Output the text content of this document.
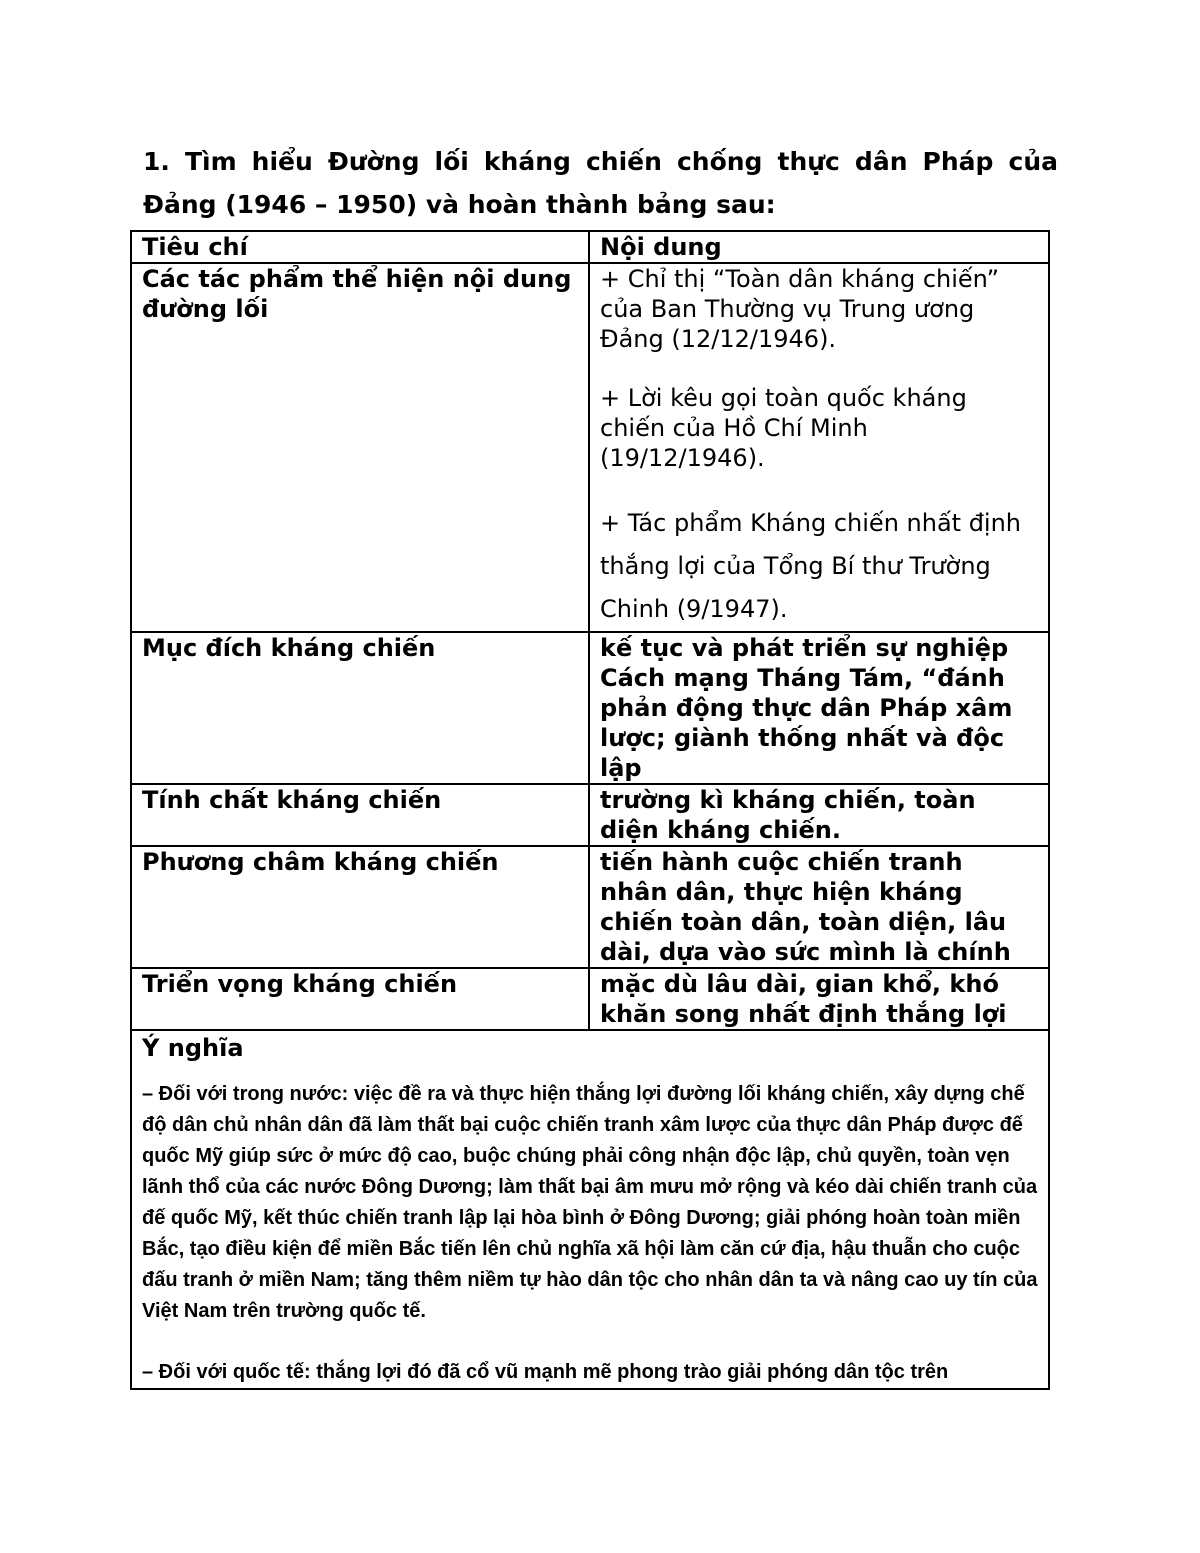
1. Tìm hiểu Đường lối kháng chiến chống thực dân Pháp của Đảng (1946 – 1950) và hoàn thành bảng sau:
Tiêu chí	Nội dung
Các tác phẩm thể hiện nội dung đường lối	+ Chỉ thị “Toàn dân kháng chiến” của Ban Thường vụ Trung ương Đảng (12/12/1946).

+ Lời kêu gọi toàn quốc kháng chiến của Hồ Chí Minh (19/12/1946).

+ Tác phẩm Kháng chiến nhất định thắng lợi của Tổng Bí thư Trường Chinh (9/1947).

Mục đích kháng chiến	kế tục và phát triển sự nghiệp Cách mạng Tháng Tám, “đánh phản động thực dân Pháp xâm lược; giành thống nhất và độc lập
Tính chất kháng chiến	trường kì kháng chiến, toàn diện kháng chiến.
Phương châm kháng chiến	tiến hành cuộc chiến tranh nhân dân, thực hiện kháng chiến toàn dân, toàn diện, lâu dài, dựa vào sức mình là chính
Triển vọng kháng chiến	mặc dù lâu dài, gian khổ, khó khăn song nhất định thắng lợi

Ý nghĩa

– Đối với trong nước: việc đề ra và thực hiện thắng lợi đường lối kháng chiến, xây dựng chế độ dân chủ nhân dân đã làm thất bại cuộc chiến tranh xâm lược của thực dân Pháp được đế quốc Mỹ giúp sức ở mức độ cao, buộc chúng phải công nhận độc lập, chủ quyền, toàn vẹn lãnh thổ của các nước Đông Dương; làm thất bại âm mưu mở rộng và kéo dài chiến tranh của đế quốc Mỹ, kết thúc chiến tranh lập lại hòa bình ở Đông Dương; giải phóng hoàn toàn miền Bắc, tạo điều kiện để miền Bắc tiến lên chủ nghĩa xã hội làm căn cứ địa, hậu thuẫn cho cuộc đấu tranh ở miền Nam; tăng thêm niềm tự hào dân tộc cho nhân dân ta và nâng cao uy tín của Việt Nam trên trường quốc tế.

– Đối với quốc tế: thắng lợi đó đã cổ vũ mạnh mẽ phong trào giải phóng dân tộc trên	
